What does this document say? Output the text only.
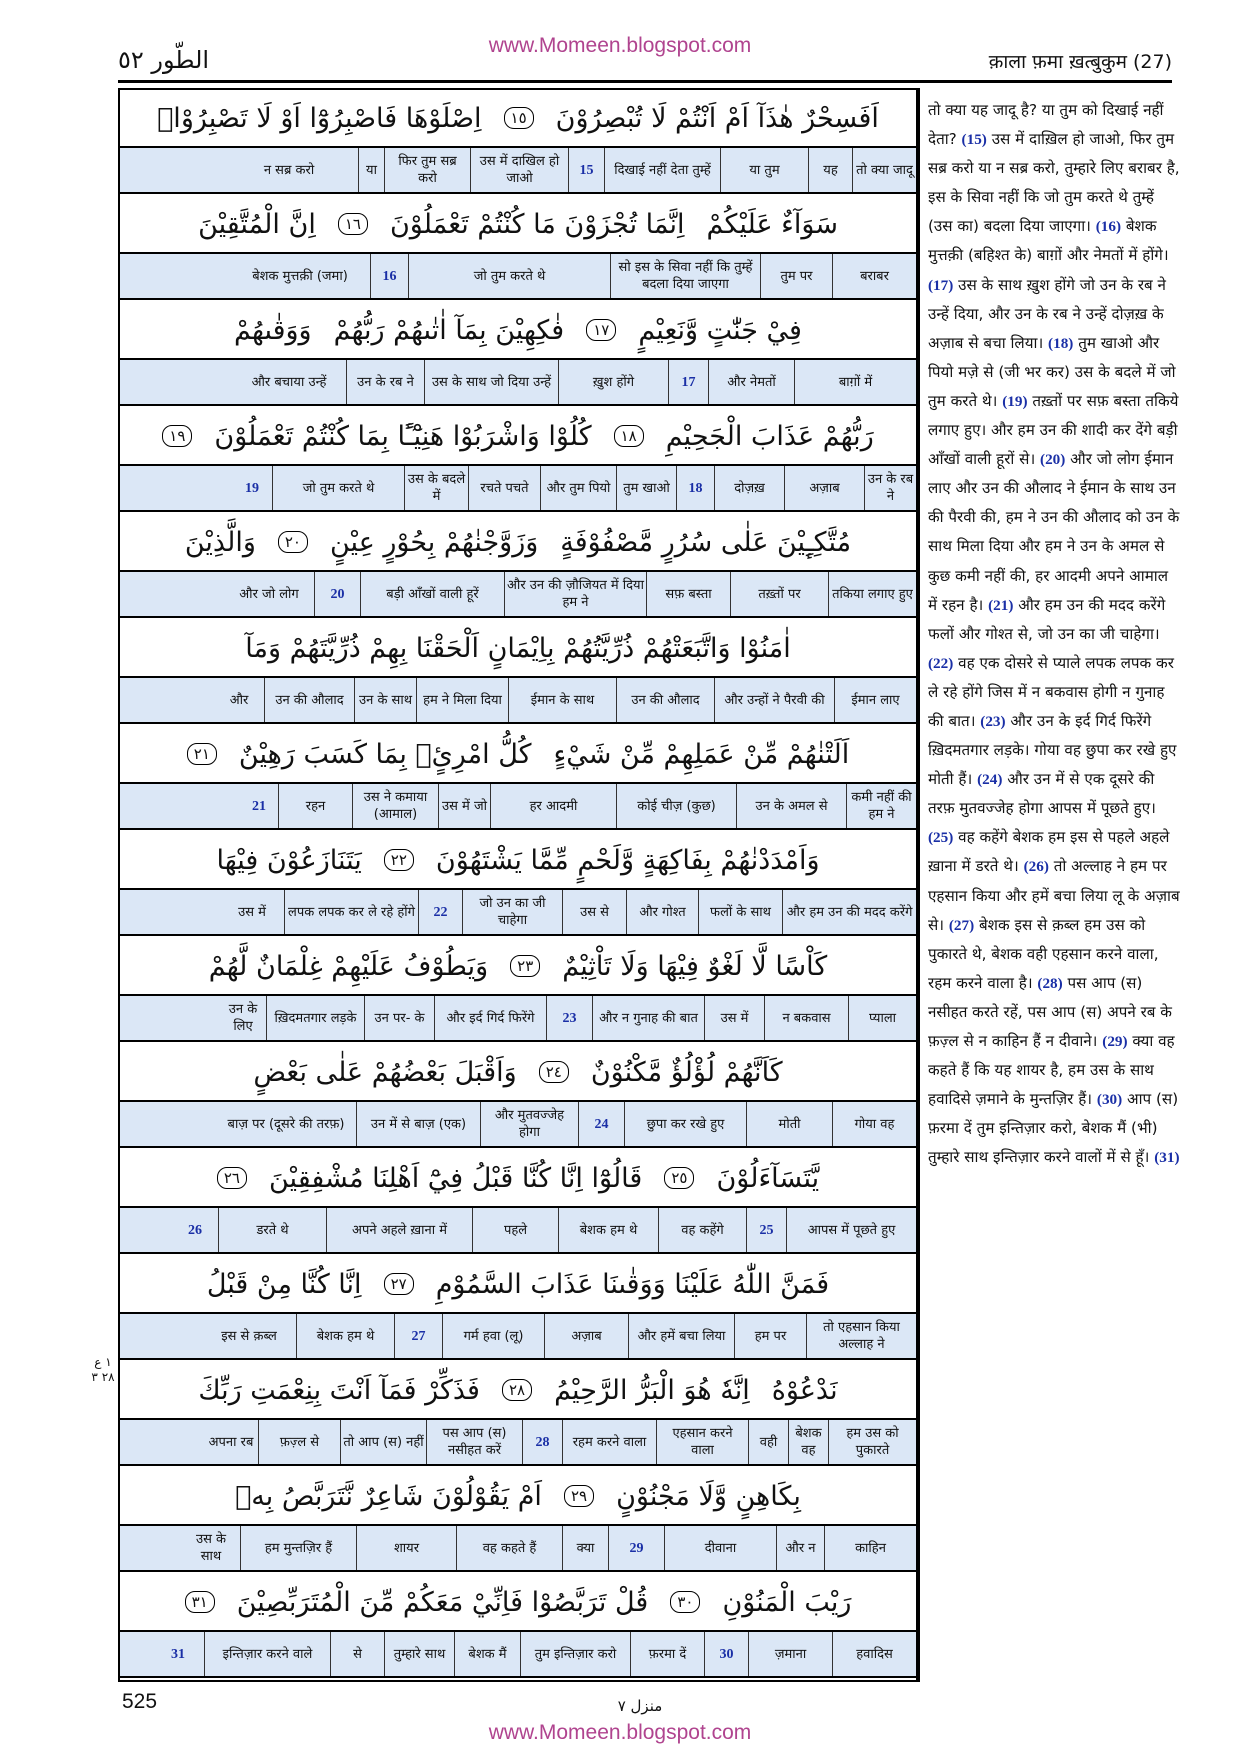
www.Momeen.blogspot.com
الطّور ٥٢	क़ाला फ़मा ख़त्बुकुम (27)
اَفَسِحْرٌ هٰذَآ اَمْ اَنْتُمْ لَا تُبْصِرُوْنَ
١٥
اِصْلَوْهَا فَاصْبِرُوْٓا اَوْ لَا تَصْبِرُوْاۚ
तो क्या जादू
यह
या तुम
दिखाई नहीं देता तुम्हें
15
उस में दाखिल हो जाओ
फिर तुम सब्र करो
या
न सब्र करो
سَوَآءٌ عَلَيْكُمْ
اِنَّمَا تُجْزَوْنَ مَا كُنْتُمْ تَعْمَلُوْنَ
١٦
اِنَّ الْمُتَّقِيْنَ
बराबर
तुम पर
सो इस के सिवा नहीं कि तुम्हें बदला दिया जाएगा
जो तुम करते थे
16
बेशक मुत्तक़ी (जमा)
فِيْ جَنّٰتٍ وَّنَعِيْمٍ
١٧
فٰكِهِيْنَ بِمَآ اٰتٰىهُمْ رَبُّهُمْ
وَوَقٰىهُمْ
बाग़ों में
और नेमतों
17
ख़ुश होंगे
उस के साथ जो दिया उन्हें
उन के रब ने
और बचाया उन्हें
رَبُّهُمْ عَذَابَ الْجَحِيْمِ
١٨
كُلُوْا وَاشْرَبُوْا هَنِيْٓـًٔا بِمَا كُنْتُمْ تَعْمَلُوْنَ
١٩
उन के रब ने
अज़ाब
दोज़ख़
18
तुम खाओ
और तुम पियो
रचते पचते
उस के बदले में
जो तुम करते थे
19
مُتَّكِـِٕيْنَ عَلٰى سُرُرٍ مَّصْفُوْفَةٍ
وَزَوَّجْنٰهُمْ بِحُوْرٍ عِيْنٍ
٢٠
وَالَّذِيْنَ
तकिया लगाए हुए
तख़्तों पर
सफ़ बस्ता
और उन की ज़ौजियत में दिया हम ने
बड़ी आँखों वाली हूरें
20
और जो लोग
اٰمَنُوْا وَاتَّبَعَتْهُمْ ذُرِّيَّتُهُمْ بِاِيْمَانٍ اَلْحَقْنَا بِهِمْ ذُرِّيَّتَهُمْ وَمَآ
ईमान लाए
और उन्हों ने पैरवी की
उन की औलाद
ईमान के साथ
हम ने मिला दिया
उन के साथ
उन की औलाद
और
اَلَتْنٰهُمْ مِّنْ عَمَلِهِمْ مِّنْ شَيْءٍ
كُلُّ امْرِئٍۭ بِمَا كَسَبَ رَهِيْنٌ
٢١
कमी नहीं की हम ने
उन के अमल से
कोई चीज़ (कुछ)
हर आदमी
उस में जो
उस ने कमाया (आमाल)
रहन
21
وَاَمْدَدْنٰهُمْ بِفَاكِهَةٍ وَّلَحْمٍ مِّمَّا يَشْتَهُوْنَ
٢٢
يَتَنَازَعُوْنَ فِيْهَا
और हम उन की मदद करेंगे
फलों के साथ
और गोश्त
उस से
जो उन का जी चाहेगा
22
लपक लपक कर ले रहे होंगे
उस में
كَاْسًا لَّا لَغْوٌ فِيْهَا وَلَا تَاْثِيْمٌ
٢٣
وَيَطُوْفُ عَلَيْهِمْ غِلْمَانٌ لَّهُمْ
प्याला
न बकवास
उस में
और न गुनाह की बात
23
और इर्द गिर्द फिरेंगे
उन पर- के
ख़िदमतगार लड़के
उन के लिए
كَاَنَّهُمْ لُؤْلُؤٌ مَّكْنُوْنٌ
٢٤
وَاَقْبَلَ بَعْضُهُمْ عَلٰى بَعْضٍ
गोया वह
मोती
छुपा कर रखे हुए
24
और मुतवज्जेह होगा
उन में से बाज़ (एक)
बाज़ पर (दूसरे की तरफ़)
يَّتَسَآءَلُوْنَ
٢٥
قَالُوْٓا اِنَّا كُنَّا قَبْلُ فِيْٓ اَهْلِنَا مُشْفِقِيْنَ
٢٦
आपस में पूछते हुए
25
वह कहेंगे
बेशक हम थे
पहले
अपने अहले ख़ाना में
डरते थे
26
فَمَنَّ اللّٰهُ عَلَيْنَا وَوَقٰىنَا عَذَابَ السَّمُوْمِ
٢٧
اِنَّا كُنَّا مِنْ قَبْلُ
तो एहसान किया अल्लाह ने
हम पर
और हमें बचा लिया
अज़ाब
गर्म हवा (लू)
27
बेशक हम थे
इस से क़ब्ल
نَدْعُوْهُ
اِنَّهٗ هُوَ الْبَرُّ الرَّحِيْمُ
٢٨
فَذَكِّرْ فَمَآ اَنْتَ بِنِعْمَتِ رَبِّكَ
हम उस को पुकारते
बेशक वह
वही
एहसान करने वाला
रहम करने वाला
28
पस आप (स) नसीहत करें
तो आप (स) नहीं
फ़ज़्ल से
अपना रब
بِكَاهِنٍ وَّلَا مَجْنُوْنٍ
٢٩
اَمْ يَقُوْلُوْنَ شَاعِرٌ نَّتَرَبَّصُ بِهٖ
काहिन
और न
दीवाना
29
क्या
वह कहते हैं
शायर
हम मुन्तज़िर हैं
उस के साथ
رَيْبَ الْمَنُوْنِ
٣٠
قُلْ تَرَبَّصُوْا فَاِنِّيْ مَعَكُمْ مِّنَ الْمُتَرَبِّصِيْنَ
٣١
हवादिस
ज़माना
30
फ़रमा दें
तुम इन्तिज़ार करो
बेशक मैं
तुम्हारे साथ
से
इन्तिज़ार करने वाले
31
तो क्या यह जादू है? या तुम को दिखाई नहीं देता? (15) उस में दाख़िल हो जाओ, फिर तुम सब्र करो या न सब्र करो, तुम्हारे लिए बराबर है, इस के सिवा नहीं कि जो तुम करते थे तुम्हें (उस का) बदला दिया जाएगा। (16) बेशक मुत्तक़ी (बहिश्त के) बाग़ों और नेमतों में होंगे। (17) उस के साथ ख़ुश होंगे जो उन के रब ने उन्हें दिया, और उन के रब ने उन्हें दोज़ख़ के अज़ाब से बचा लिया। (18) तुम खाओ और पियो मज़े से (जी भर कर) उस के बदले में जो तुम करते थे। (19) तख़्तों पर सफ़ बस्ता तकिये लगाए हुए। और हम उन की शादी कर देंगे बड़ी आँखों वाली हूरों से। (20) और जो लोग ईमान लाए और उन की औलाद ने ईमान के साथ उन की पैरवी की, हम ने उन की औलाद को उन के साथ मिला दिया और हम ने उन के अमल से कुछ कमी नहीं की, हर आदमी अपने आमाल में रहन है। (21) और हम उन की मदद करेंगे फलों और गोश्त से, जो उन का जी चाहेगा। (22) वह एक दोसरे से प्याले लपक लपक कर ले रहे होंगे जिस में न बकवास होगी न गुनाह की बात। (23) और उन के इर्द गिर्द फिरेंगे ख़िदमतगार लड़के। गोया वह छुपा कर रखे हुए मोती हैं। (24) और उन में से एक दूसरे की तरफ़ मुतवज्जेह होगा आपस में पूछते हुए। (25) वह कहेंगे बेशक हम इस से पहले अहले ख़ाना में डरते थे। (26) तो अल्लाह ने हम पर एहसान किया और हमें बचा लिया लू के अज़ाब से। (27) बेशक इस से क़ब्ल हम उस को पुकारते थे, बेशक वही एहसान करने वाला, रहम करने वाला है। (28) पस आप (स) नसीहत करते रहें, पस आप (स) अपने रब के फ़ज़्ल से न काहिन हैं न दीवाने। (29) क्या वह कहते हैं कि यह शायर है, हम उस के साथ हवादिसे ज़माने के मुन्तज़िर हैं। (30) आप (स) फ़रमा दें तुम इन्तिज़ार करो, बेशक मैं (भी) तुम्हारे साथ इन्तिज़ार करने वालों में से हूँ। (31)
١ ع ٢٨ ٣
525	منزل ٧
www.Momeen.blogspot.com
